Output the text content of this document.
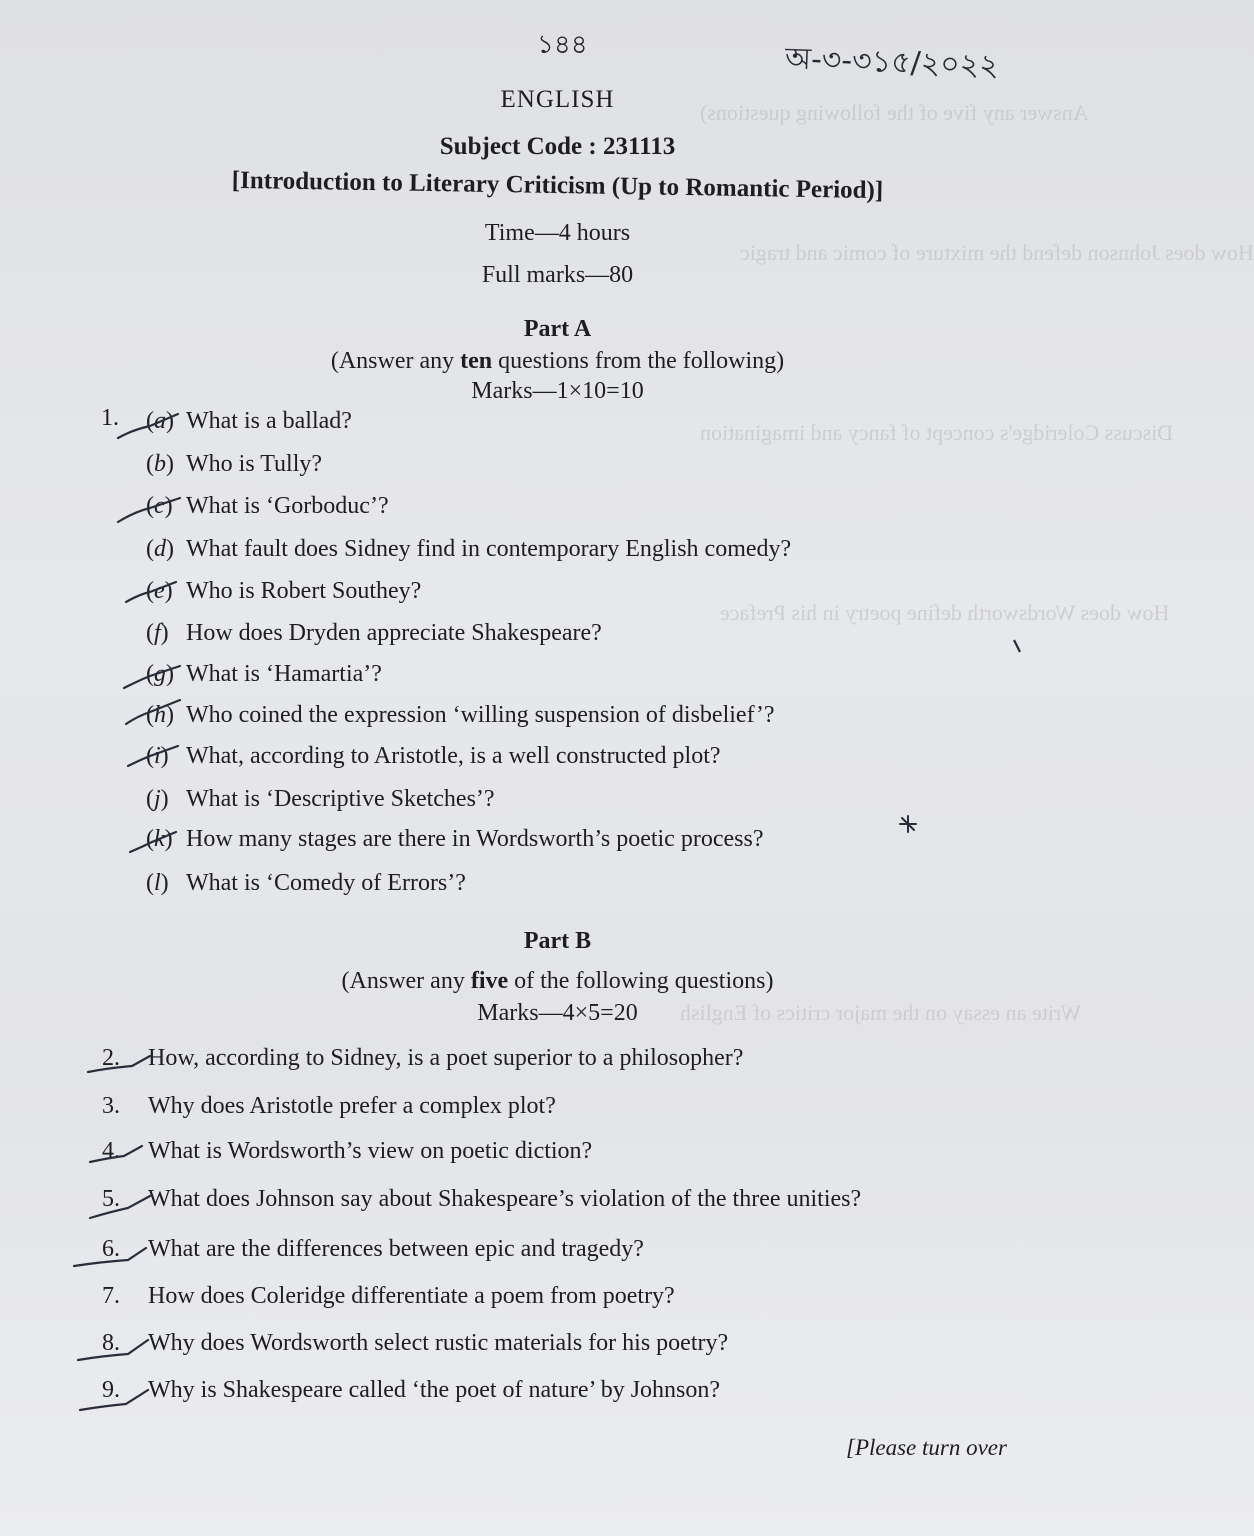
Answer any five of the following questions)
How does Johnson defend the mixture of comic and tragic
Discuss Coleridge's concept of fancy and imagination
How does Wordsworth define poetry in his Preface
Write an essay on the major critics of English
১৪৪	অ-৩-৩১৫/২০২২
ENGLISH
Subject Code : 231113
[Introduction to Literary Criticism (Up to Romantic Period)]
Time—4 hours
Full marks—80
Part A
(Answer any ten questions from the following)
Marks—1×10=10
1. (a) What is a ballad?
(b) Who is Tully?
(c) What is ‘Gorboduc’?
(d) What fault does Sidney find in contemporary English comedy?
(e) Who is Robert Southey?
(f) How does Dryden appreciate Shakespeare?
(g) What is ‘Hamartia’?
(h) Who coined the expression ‘willing suspension of disbelief’?
(i) What, according to Aristotle, is a well constructed plot?
(j) What is ‘Descriptive Sketches’?
(k) How many stages are there in Wordsworth’s poetic process?
(l) What is ‘Comedy of Errors’?
Part B
(Answer any five of the following questions)
Marks—4×5=20
2. How, according to Sidney, is a poet superior to a philosopher?
3. Why does Aristotle prefer a complex plot?
4. What is Wordsworth’s view on poetic diction?
5. What does Johnson say about Shakespeare’s violation of the three unities?
6. What are the differences between epic and tragedy?
7. How does Coleridge differentiate a poem from poetry?
8. Why does Wordsworth select rustic materials for his poetry?
9. Why is Shakespeare called ‘the poet of nature’ by Johnson?
[Please turn over
